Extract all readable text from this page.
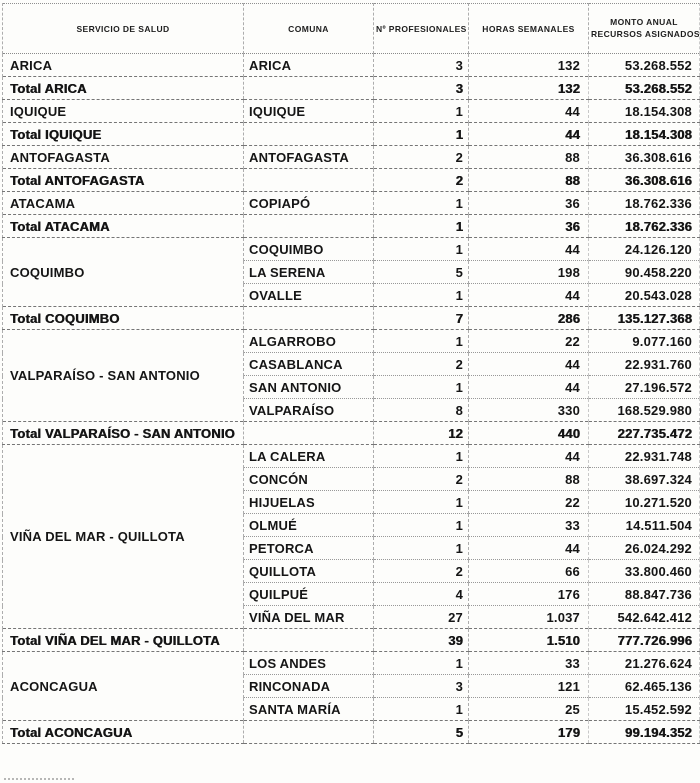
SERVICIO DE SALUD	COMUNA	Nº PROFESIONALES	HORAS SEMANALES	MONTO ANUAL
RECURSOS ASIGNADOS

ARICA	ARICA	3	132	53.268.552
Total ARICA		3	132	53.268.552
IQUIQUE	IQUIQUE	1	44	18.154.308
Total IQUIQUE		1	44	18.154.308
ANTOFAGASTA	ANTOFAGASTA	2	88	36.308.616
Total ANTOFAGASTA		2	88	36.308.616
ATACAMA	COPIAPÓ	1	36	18.762.336
Total ATACAMA		1	36	18.762.336
COQUIMBO	COQUIMBO	1	44	24.126.120
	LA SERENA	5	198	90.458.220
	OVALLE	1	44	20.543.028
Total COQUIMBO		7	286	135.127.368
VALPARAÍSO - SAN ANTONIO	ALGARROBO	1	22	9.077.160
	CASABLANCA	2	44	22.931.760
	SAN ANTONIO	1	44	27.196.572
	VALPARAÍSO	8	330	168.529.980
Total VALPARAÍSO - SAN ANTONIO		12	440	227.735.472
VIÑA DEL MAR - QUILLOTA	LA CALERA	1	44	22.931.748
	CONCÓN	2	88	38.697.324
	HIJUELAS	1	22	10.271.520
	OLMUÉ	1	33	14.511.504
	PETORCA	1	44	26.024.292
	QUILLOTA	2	66	33.800.460
	QUILPUÉ	4	176	88.847.736
	VIÑA DEL MAR	27	1.037	542.642.412
Total VIÑA DEL MAR - QUILLOTA		39	1.510	777.726.996
ACONCAGUA	LOS ANDES	1	33	21.276.624
	RINCONADA	3	121	62.465.136
	SANTA MARÍA	1	25	15.452.592
Total ACONCAGUA		5	179	99.194.352
